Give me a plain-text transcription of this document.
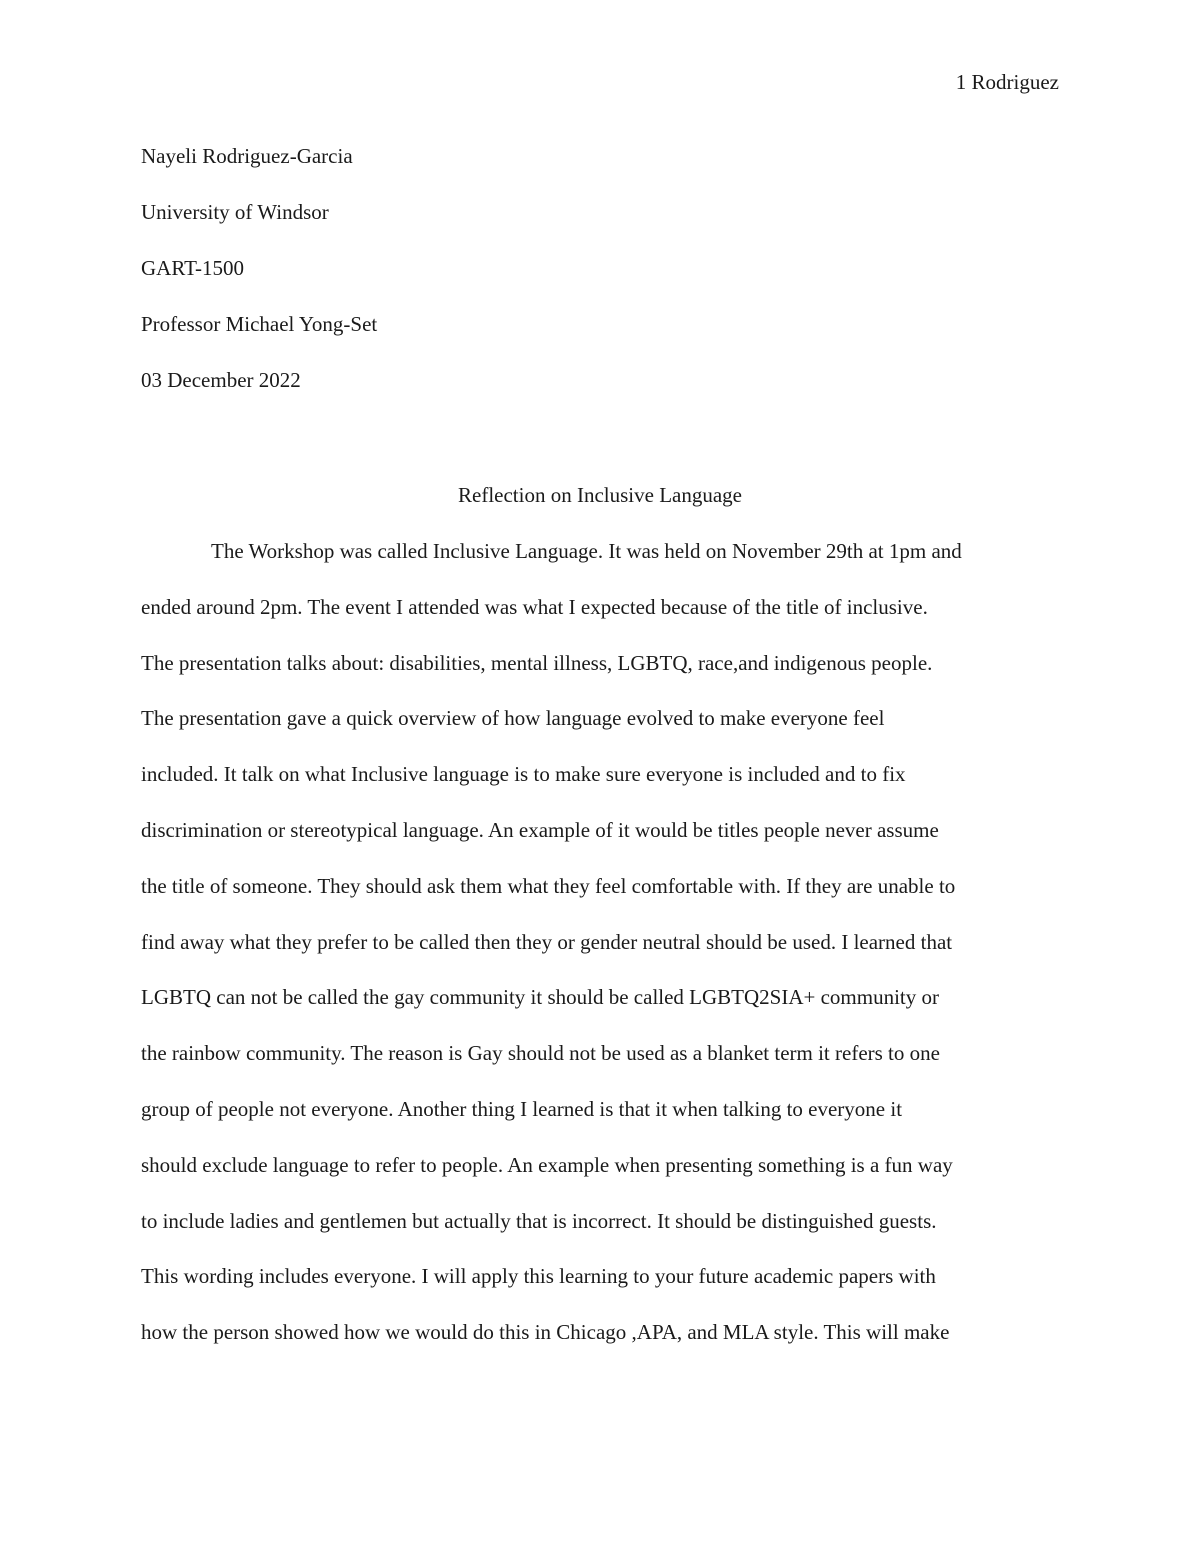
1 Rodriguez
Nayeli Rodriguez-Garcia
University of Windsor
GART-1500
Professor Michael Yong-Set
03 December 2022
Reflection on Inclusive Language
The Workshop was called Inclusive Language. It was held on November 29th at 1pm and
ended around 2pm. The event I attended was what I expected because of the title of inclusive.
The presentation talks about: disabilities, mental illness, LGBTQ, race,and indigenous people.
The presentation gave a quick overview of how language evolved to make everyone feel
included. It talk on what Inclusive language is to make sure everyone is included and to fix
discrimination or stereotypical language. An example of it would be titles people never assume
the title of someone. They should ask them what they feel comfortable with. If they are unable to
find away what they prefer to be called then they or gender neutral should be used. I learned that
LGBTQ can not be called the gay community it should be called LGBTQ2SIA+ community or
the rainbow community. The reason is Gay should not be used as a blanket term it refers to one
group of people not everyone. Another thing I learned is that it when talking to everyone it
should exclude language to refer to people. An example when presenting something is a fun way
to include ladies and gentlemen but actually that is incorrect. It should be distinguished guests.
This wording includes everyone. I will apply this learning to your future academic papers with
how the person showed how we would do this in Chicago ,APA, and MLA style. This will make
